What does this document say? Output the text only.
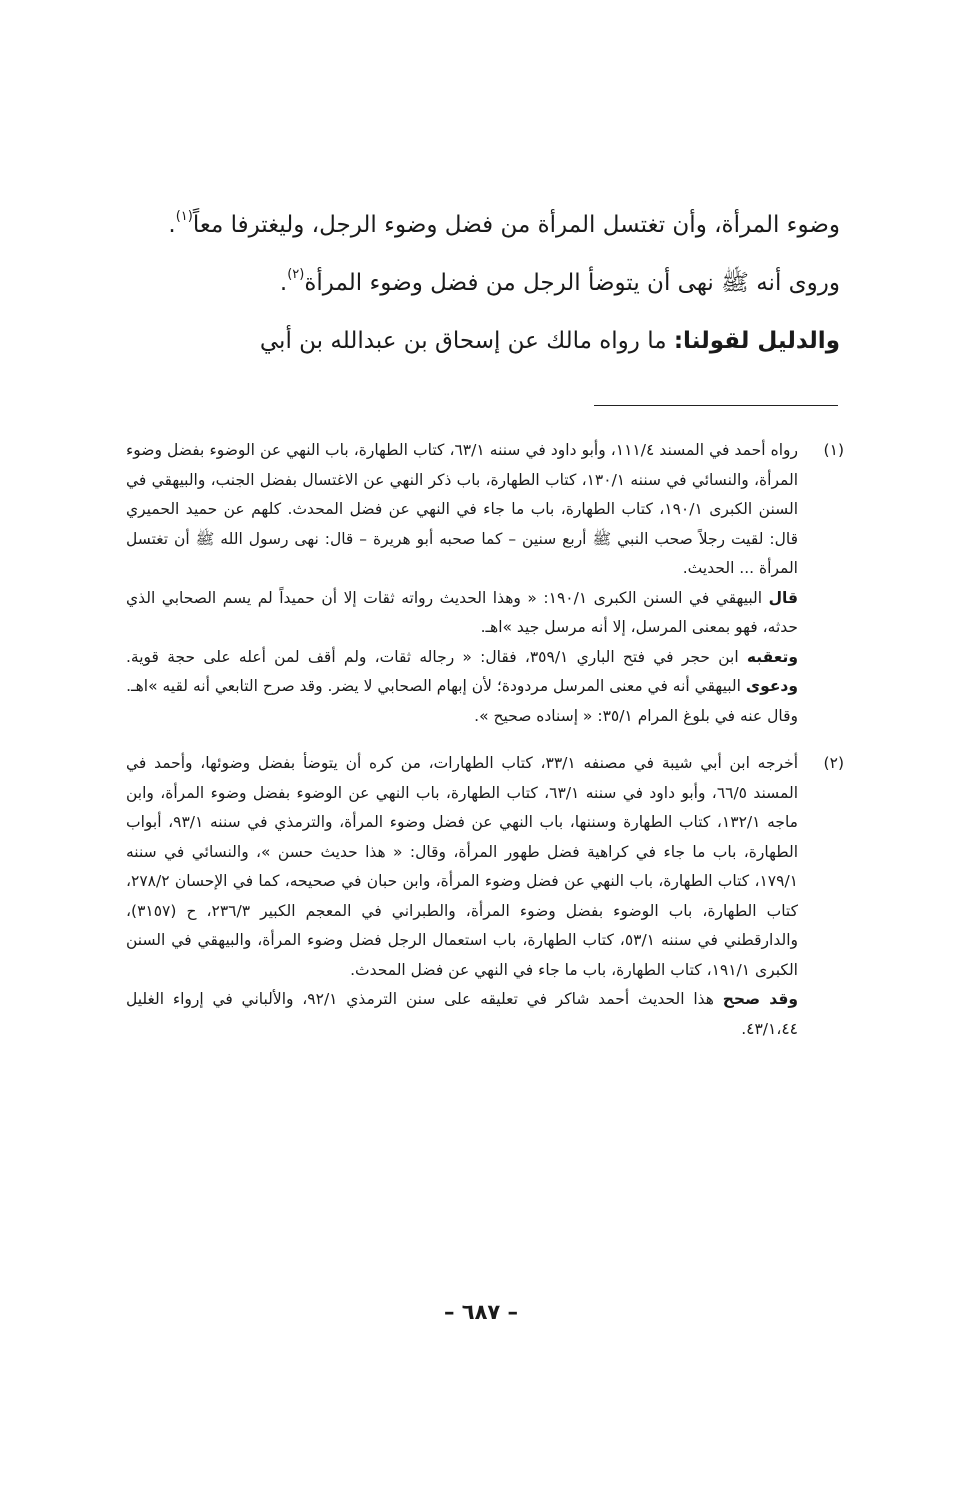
وضوء المرأة، وأن تغتسل المرأة من فضل وضوء الرجل، وليغترفا معاً$^{(١)}$.

وروى أنه ﷺ نهى أن يتوضأ الرجل من فضل وضوء المرأة$^{(٢)}$.

والدليل لقولنا: ما رواه مالك عن إسحاق بن عبدالله بن أبي

(١)

رواه أحمد في المسند ١١١/٤، وأبو داود في سننه ٦٣/١، كتاب الطهارة، باب النهي عن الوضوء بفضل وضوء المرأة، والنسائي في سننه ١٣٠/١، كتاب الطهارة، باب ذكر النهي عن الاغتسال بفضل الجنب، والبيهقي في السنن الكبرى ١٩٠/١، كتاب الطهارة، باب ما جاء في النهي عن فضل المحدث. كلهم عن حميد الحميري قال: لقيت رجلاً صحب النبي ﷺ أربع سنين – كما صحبه أبو هريرة – قال: نهى رسول الله ﷺ أن تغتسل المرأة ... الحديث.

قال البيهقي في السنن الكبرى ١٩٠/١: « وهذا الحديث رواته ثقات إلا أن حميداً لم يسم الصحابي الذي حدثه، فهو بمعنى المرسل، إلا أنه مرسل جيد »اهـ.

وتعقبه ابن حجر في فتح الباري ٣٥٩/١، فقال: « رجاله ثقات، ولم أقف لمن أعله على حجة قوية. ودعوى البيهقي أنه في معنى المرسل مردودة؛ لأن إبهام الصحابي لا يضر. وقد صرح التابعي أنه لقيه »اهـ.

وقال عنه في بلوغ المرام ٣٥/١: « إسناده صحيح ».

(٢)

أخرجه ابن أبي شيبة في مصنفه ٣٣/١، كتاب الطهارات، من كره أن يتوضأ بفضل وضوئها، وأحمد في المسند ٦٦/٥، وأبو داود في سننه ٦٣/١، كتاب الطهارة، باب النهي عن الوضوء بفضل وضوء المرأة، وابن ماجه ١٣٢/١، كتاب الطهارة وسننها، باب النهي عن فضل وضوء المرأة، والترمذي في سننه ٩٣/١، أبواب الطهارة، باب ما جاء في كراهية فضل طهور المرأة، وقال: « هذا حديث حسن »، والنسائي في سننه ١٧٩/١، كتاب الطهارة، باب النهي عن فضل وضوء المرأة، وابن حبان في صحيحه، كما في الإحسان ٢٧٨/٢، كتاب الطهارة، باب الوضوء بفضل وضوء المرأة، والطبراني في المعجم الكبير ٢٣٦/٣، ح (٣١٥٧)، والدارقطني في سننه ٥٣/١، كتاب الطهارة، باب استعمال الرجل فضل وضوء المرأة، والبيهقي في السنن الكبرى ١٩١/١، كتاب الطهارة، باب ما جاء في النهي عن فضل المحدث.

وقد صحح هذا الحديث أحمد شاكر في تعليقه على سنن الترمذي ٩٢/١، والألباني في إرواء الغليل ٤٣/١،٤٤.

– ٦٨٧ –
